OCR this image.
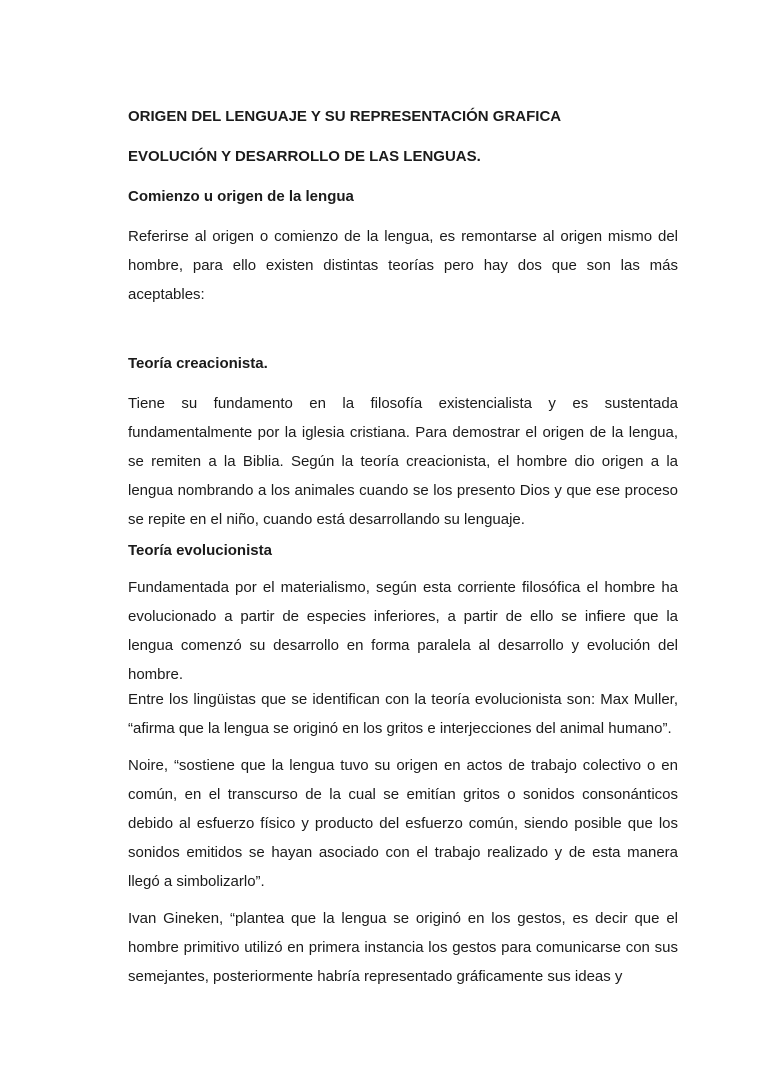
ORIGEN DEL LENGUAJE Y SU REPRESENTACIÓN GRAFICA

EVOLUCIÓN Y DESARROLLO DE LAS LENGUAS.

Comienzo u origen de la lengua

Referirse al origen o comienzo de la lengua, es remontarse al origen mismo del hombre, para ello existen distintas teorías pero hay dos que son las más aceptables:

Teoría creacionista.

Tiene su fundamento en la filosofía existencialista y es sustentada fundamentalmente por la iglesia cristiana. Para demostrar el origen de la lengua, se remiten a la Biblia. Según la teoría creacionista, el hombre dio origen a la lengua nombrando a los animales cuando se los presento Dios y que ese proceso se repite en el niño, cuando está desarrollando su lenguaje.

Teoría evolucionista

Fundamentada por el materialismo, según esta corriente filosófica el hombre ha evolucionado a partir de especies inferiores, a partir de ello se infiere que la lengua comenzó su desarrollo en forma paralela al desarrollo y evolución del hombre.

Entre los lingüistas que se identifican con la teoría evolucionista son: Max Muller, “afirma que la lengua se originó en los gritos e interjecciones del animal humano”.

Noire, “sostiene que la lengua tuvo su origen en actos de trabajo colectivo o en común, en el transcurso de la cual se emitían gritos o sonidos consonánticos debido al esfuerzo físico y producto del esfuerzo común, siendo posible que los sonidos emitidos se hayan asociado con el trabajo realizado y de esta manera llegó a simbolizarlo”.

Ivan Gineken, “plantea que la lengua se originó en los gestos, es decir que el hombre primitivo utilizó en primera instancia los gestos para comunicarse con sus semejantes, posteriormente habría representado gráficamente sus ideas y
